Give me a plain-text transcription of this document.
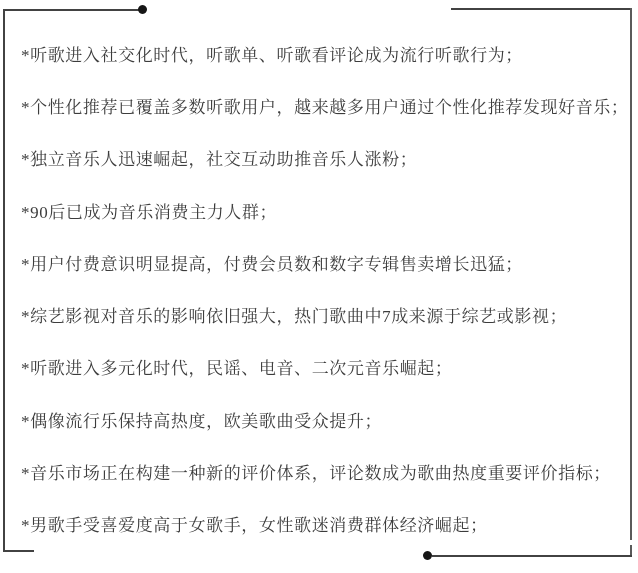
*听歌进入社交化时代，听歌单、听歌看评论成为流行听歌行为；
*个性化推荐已覆盖多数听歌用户，越来越多用户通过个性化推荐发现好音乐；
*独立音乐人迅速崛起，社交互动助推音乐人涨粉；
*90后已成为音乐消费主力人群；
*用户付费意识明显提高，付费会员数和数字专辑售卖增长迅猛；
*综艺影视对音乐的影响依旧强大，热门歌曲中7成来源于综艺或影视；
*听歌进入多元化时代，民谣、电音、二次元音乐崛起；
*偶像流行乐保持高热度，欧美歌曲受众提升；
*音乐市场正在构建一种新的评价体系，评论数成为歌曲热度重要评价指标；
*男歌手受喜爱度高于女歌手，女性歌迷消费群体经济崛起；
